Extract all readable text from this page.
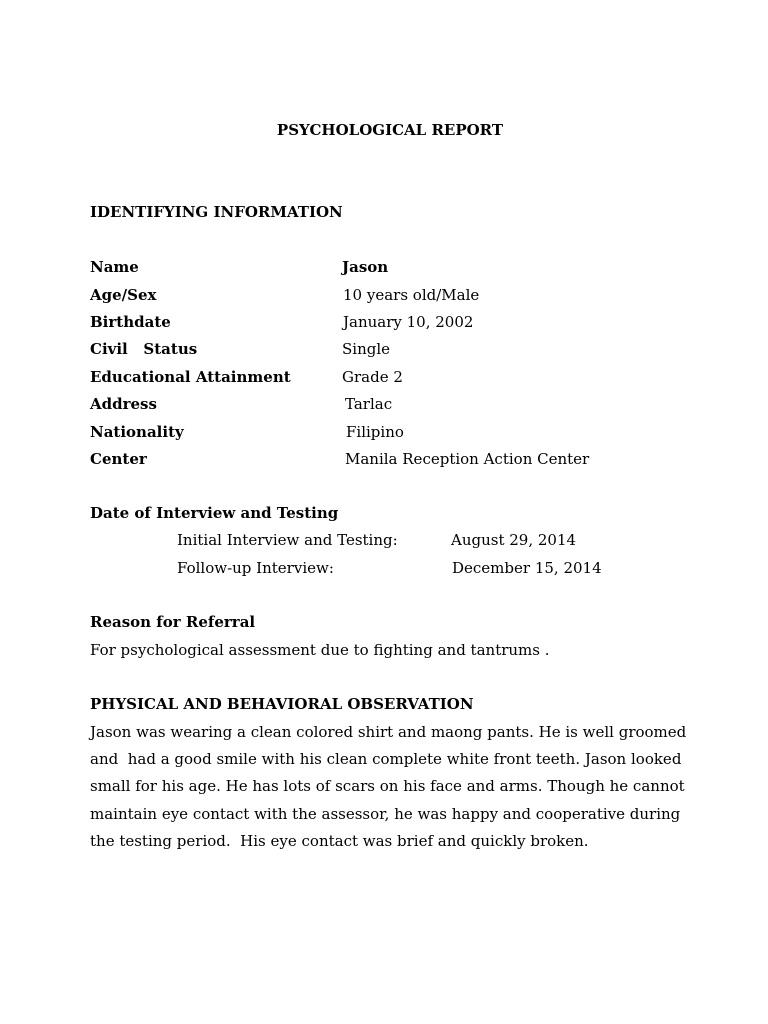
PSYCHOLOGICAL REPORT
IDENTIFYING INFORMATION
Name	Jason
Age/Sex	10 years old/Male
Birthdate	January 10, 2002
Civil   Status	Single
Educational Attainment	Grade 2
Address	Tarlac
Nationality	Filipino
Center	Manila Reception Action Center
Date of Interview and Testing
Initial Interview and Testing:	August 29, 2014
Follow-up Interview:	December 15, 2014
Reason for Referral
For psychological assessment due to fighting and tantrums .
PHYSICAL AND BEHAVIORAL OBSERVATION
Jason was wearing a clean colored shirt and maong pants. He is well groomed
and  had a good smile with his clean complete white front teeth. Jason looked
small for his age. He has lots of scars on his face and arms. Though he cannot
maintain eye contact with the assessor, he was happy and cooperative during
the testing period.  His eye contact was brief and quickly broken.
